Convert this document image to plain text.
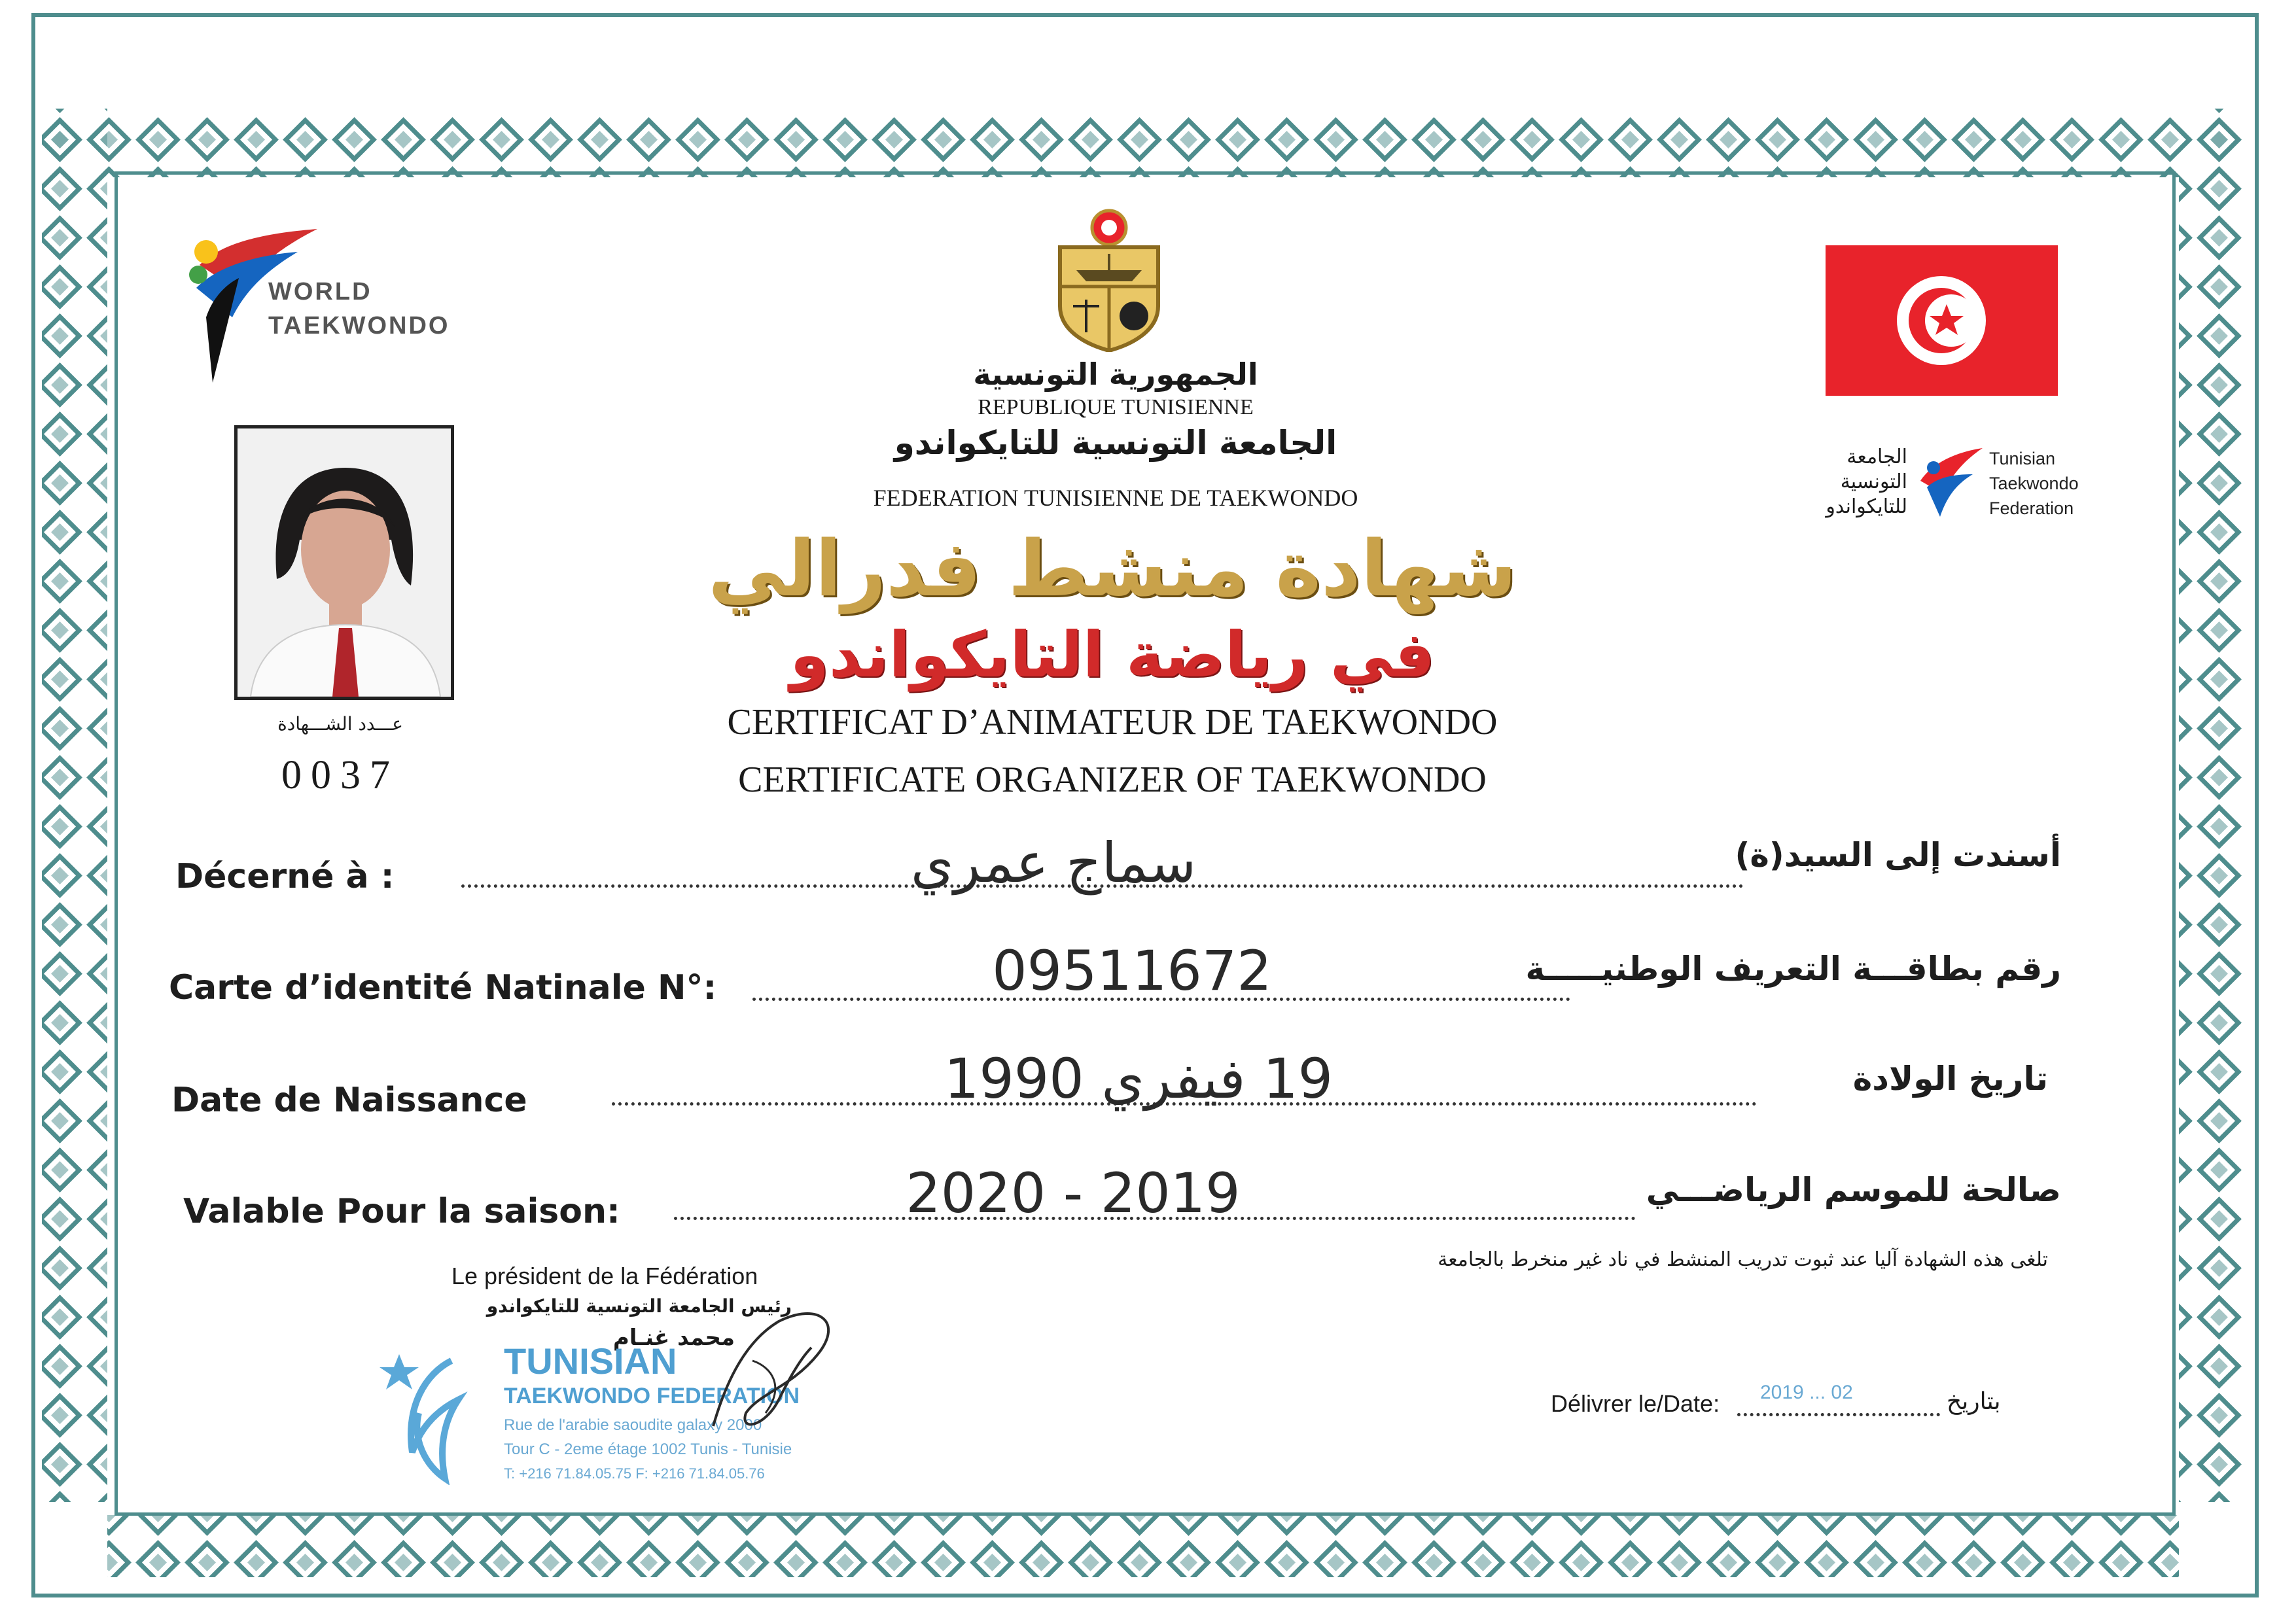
WORLD
TAEKWONDO
الجمهورية التونسية
REPUBLIQUE TUNISIENNE
الجامعة التونسية للتايكواندو
FEDERATION TUNISIENNE DE TAEKWONDO
الجامعة
التونسية
للتايكواندو
Tunisian
Taekwondo
Federation
عـــدد الشـــهادة
0037
شهادة منشط فدرالي
في رياضة التايكواندو
CERTIFICAT D’ANIMATEUR DE TAEKWONDO
CERTIFICATE ORGANIZER OF TAEKWONDO
Décerné à :	سماج عمري	أسندت إلى السيد(ة)
Carte d’identité Natinale N°:	09511672	رقم بطاقـــة التعريف الوطنيـــــة
Date de Naissance	19 فيفري 1990	تاريخ الولادة
Valable Pour la saison:	2020 - 2019	صالحة للموسم الرياضـــي
تلغى هذه الشهادة آليا عند ثبوت تدريب المنشط في ناد غير منخرط بالجامعة
Le président de la Fédération
رئيس الجامعة التونسية للتايكواندو
محمد غنـام
TUNISIAN
TAEKWONDO FEDERATION
Rue de l'arabie saoudite galaxy 2000
Tour C - 2eme étage 1002 Tunis - Tunisie
T: +216 71.84.05.75 F: +216 71.84.05.76
Délivrer le/Date: 2019 ... 02	بتاريخ
